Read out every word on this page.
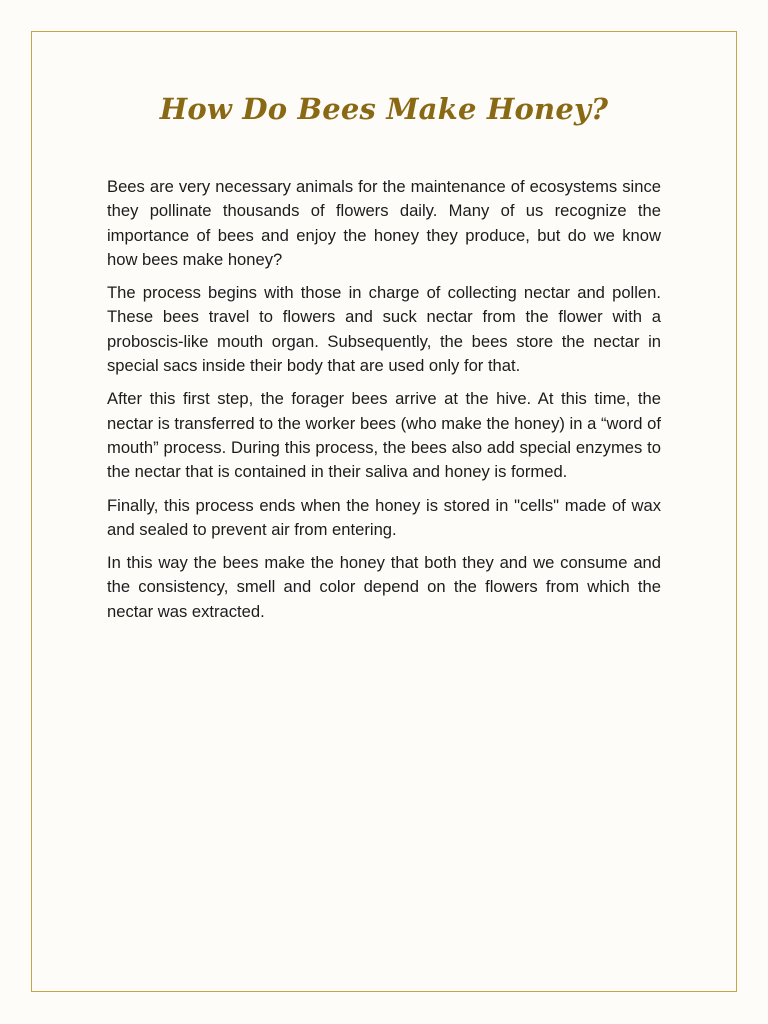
How Do Bees Make Honey?

Bees are very necessary animals for the maintenance of ecosystems since they pollinate thousands of flowers daily. Many of us recognize the importance of bees and enjoy the honey they produce, but do we know how bees make honey?

The process begins with those in charge of collecting nectar and pollen. These bees travel to flowers and suck nectar from the flower with a proboscis-like mouth organ. Subsequently, the bees store the nectar in special sacs inside their body that are used only for that.

After this first step, the forager bees arrive at the hive. At this time, the nectar is transferred to the worker bees (who make the honey) in a “word of mouth” process. During this process, the bees also add special enzymes to the nectar that is contained in their saliva and honey is formed.

Finally, this process ends when the honey is stored in "cells" made of wax and sealed to prevent air from entering.

In this way the bees make the honey that both they and we consume and the consistency, smell and color depend on the flowers from which the nectar was extracted.
